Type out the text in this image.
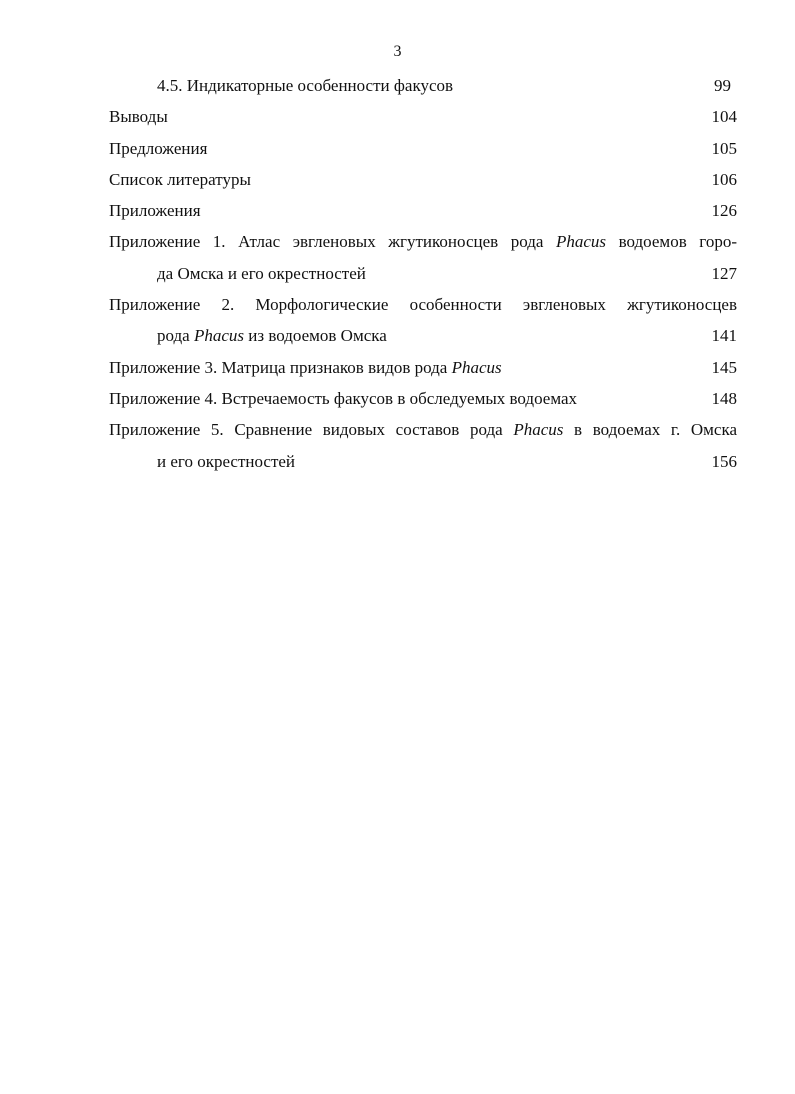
3
4.5. Индикаторные особенности факусов	99
Выводы	104
Предложения	105
Список литературы	106
Приложения	126
Приложение 1. Атлас эвгленовых жгутиконосцев рода Phacus водоемов горо-
да Омска и его окрестностей	127
Приложение 2. Морфологические особенности эвгленовых жгутиконосцев
рода Phacus из водоемов Омска	141
Приложение 3. Матрица признаков видов рода Phacus	145
Приложение 4. Встречаемость факусов в обследуемых водоемах	148
Приложение 5. Сравнение видовых составов рода Phacus в водоемах г. Омска
и его окрестностей	156
